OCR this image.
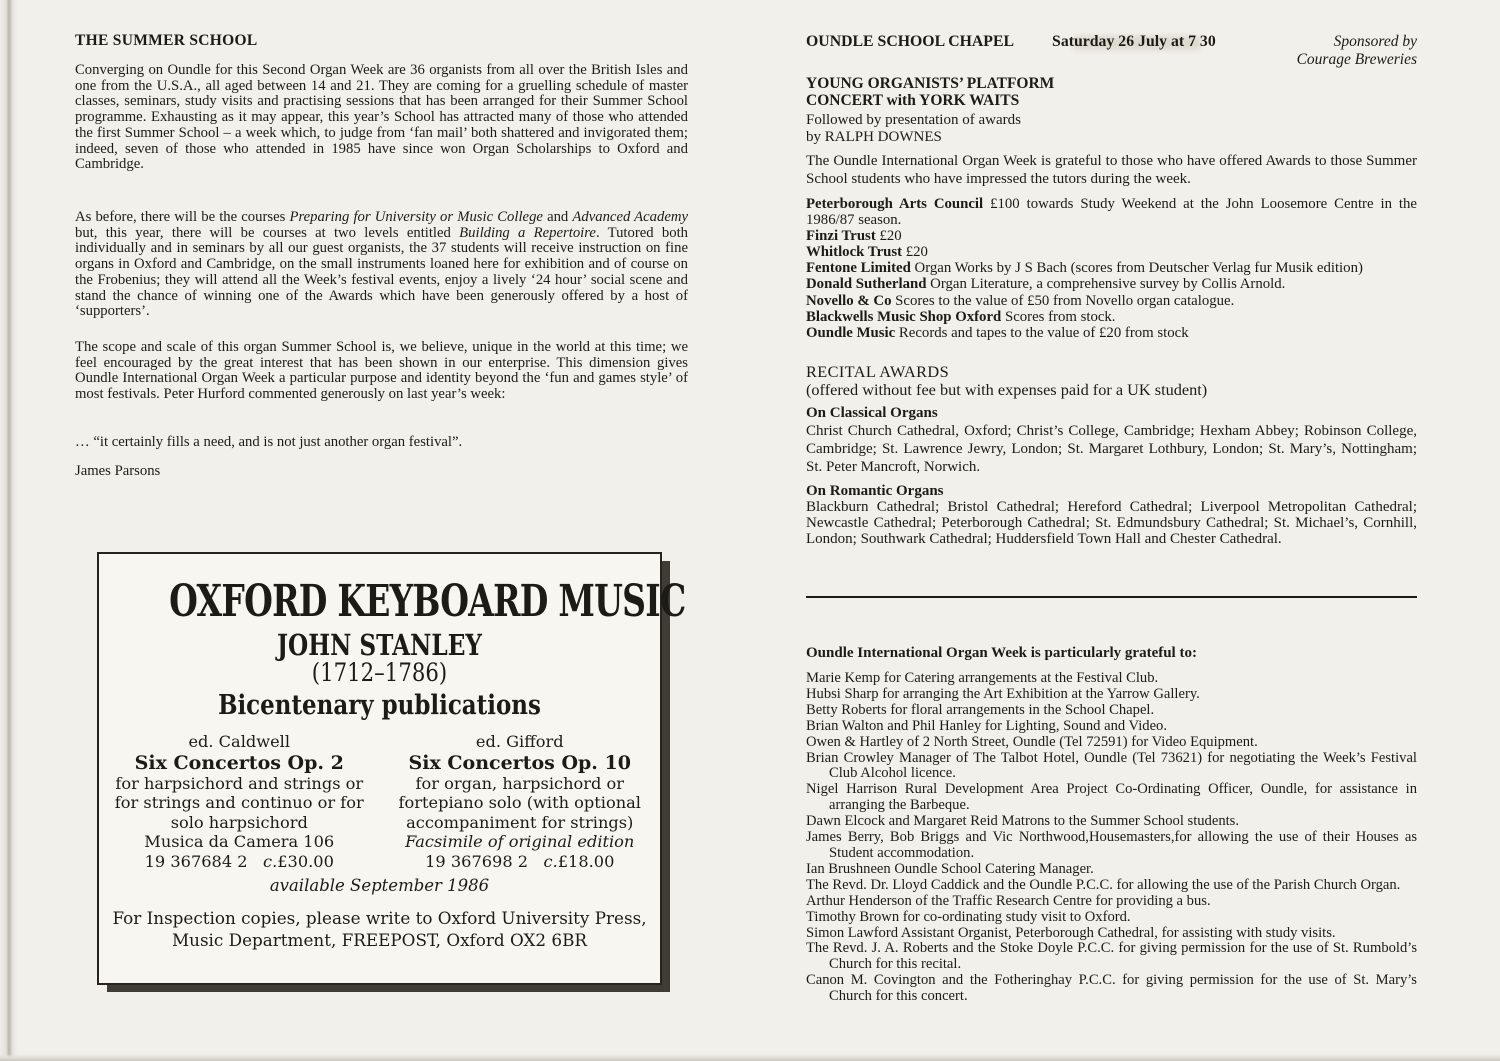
THE SUMMER SCHOOL
Converging on Oundle for this Second Organ Week are 36 organists from all over the British Isles and one from the U.S.A., all aged between 14 and 21. They are coming for a gruelling schedule of master classes, seminars, study visits and practising sessions that has been arranged for their Summer School programme. Exhausting as it may appear, this year’s School has attracted many of those who attended the first Summer School – a week which, to judge from ‘fan mail’ both shattered and invigorated them; indeed, seven of those who attended in 1985 have since won Organ Scholarships to Oxford and Cambridge.
As before, there will be the courses Preparing for University or Music College and Advanced Academy but, this year, there will be courses at two levels entitled Building a Repertoire. Tutored both individually and in seminars by all our guest organists, the 37 students will receive instruction on fine organs in Oxford and Cambridge, on the small instruments loaned here for exhibition and of course on the Frobenius; they will attend all the Week’s festival events, enjoy a lively ‘24 hour’ social scene and stand the chance of winning one of the Awards which have been generously offered by a host of ‘supporters’.
The scope and scale of this organ Summer School is, we believe, unique in the world at this time; we feel encouraged by the great interest that has been shown in our enterprise. This dimension gives Oundle International Organ Week a particular purpose and identity beyond the ‘fun and games style’ of most festivals. Peter Hurford commented generously on last year’s week:
… “it certainly fills a need, and is not just another organ festival”.
James Parsons
OXFORD KEYBOARD MUSIC
JOHN STANLEY
(1712–1786)
Bicentenary publications
ed. Caldwell
Six Concertos Op. 2
for harpsichord and strings or
for strings and continuo or for
solo harpsichord
Musica da Camera 106
19 367684 2 c.£30.00
ed. Gifford
Six Concertos Op. 10
for organ, harpsichord or
fortepiano solo (with optional
accompaniment for strings)
Facsimile of original edition
19 367698 2 c.£18.00
available September 1986
For Inspection copies, please write to Oxford University Press,
Music Department, FREEPOST, Oxford OX2 6BR
OUNDLE SCHOOL CHAPEL Saturday 26 July at 7 30	Sponsored by
Courage Breweries
YOUNG ORGANISTS’ PLATFORM
CONCERT with YORK WAITS
Followed by presentation of awards
by RALPH DOWNES
The Oundle International Organ Week is grateful to those who have offered Awards to those Summer School students who have impressed the tutors during the week.
Peterborough Arts Council £100 towards Study Weekend at the John Loosemore Centre in the 1986/87 season.
Finzi Trust £20
Whitlock Trust £20
Fentone Limited Organ Works by J S Bach (scores from Deutscher Verlag fur Musik edition)
Donald Sutherland Organ Literature, a comprehensive survey by Collis Arnold.
Novello & Co Scores to the value of £50 from Novello organ catalogue.
Blackwells Music Shop Oxford Scores from stock.
Oundle Music Records and tapes to the value of £20 from stock
RECITAL AWARDS
(offered without fee but with expenses paid for a UK student)
On Classical Organs
Christ Church Cathedral, Oxford; Christ’s College, Cambridge; Hexham Abbey; Robinson College, Cambridge; St. Lawrence Jewry, London; St. Margaret Lothbury, London; St. Mary’s, Nottingham; St. Peter Mancroft, Norwich.
On Romantic Organs
Blackburn Cathedral; Bristol Cathedral; Hereford Cathedral; Liverpool Metropolitan Cathedral; Newcastle Cathedral; Peterborough Cathedral; St. Edmundsbury Cathedral; St. Michael’s, Cornhill, London; Southwark Cathedral; Huddersfield Town Hall and Chester Cathedral.
Oundle International Organ Week is particularly grateful to:
Marie Kemp for Catering arrangements at the Festival Club.
Hubsi Sharp for arranging the Art Exhibition at the Yarrow Gallery.
Betty Roberts for floral arrangements in the School Chapel.
Brian Walton and Phil Hanley for Lighting, Sound and Video.
Owen & Hartley of 2 North Street, Oundle (Tel 72591) for Video Equipment.
Brian Crowley Manager of The Talbot Hotel, Oundle (Tel 73621) for negotiating the Week’s Festival Club Alcohol licence.
Nigel Harrison Rural Development Area Project Co-Ordinating Officer, Oundle, for assistance in arranging the Barbeque.
Dawn Elcock and Margaret Reid Matrons to the Summer School students.
James Berry, Bob Briggs and Vic Northwood,Housemasters,for allowing the use of their Houses as Student accommodation.
Ian Brushneen Oundle School Catering Manager.
The Revd. Dr. Lloyd Caddick and the Oundle P.C.C. for allowing the use of the Parish Church Organ.
Arthur Henderson of the Traffic Research Centre for providing a bus.
Timothy Brown for co-ordinating study visit to Oxford.
Simon Lawford Assistant Organist, Peterborough Cathedral, for assisting with study visits.
The Revd. J. A. Roberts and the Stoke Doyle P.C.C. for giving permission for the use of St. Rumbold’s Church for this recital.
Canon M. Covington and the Fotheringhay P.C.C. for giving permission for the use of St. Mary’s Church for this concert.
